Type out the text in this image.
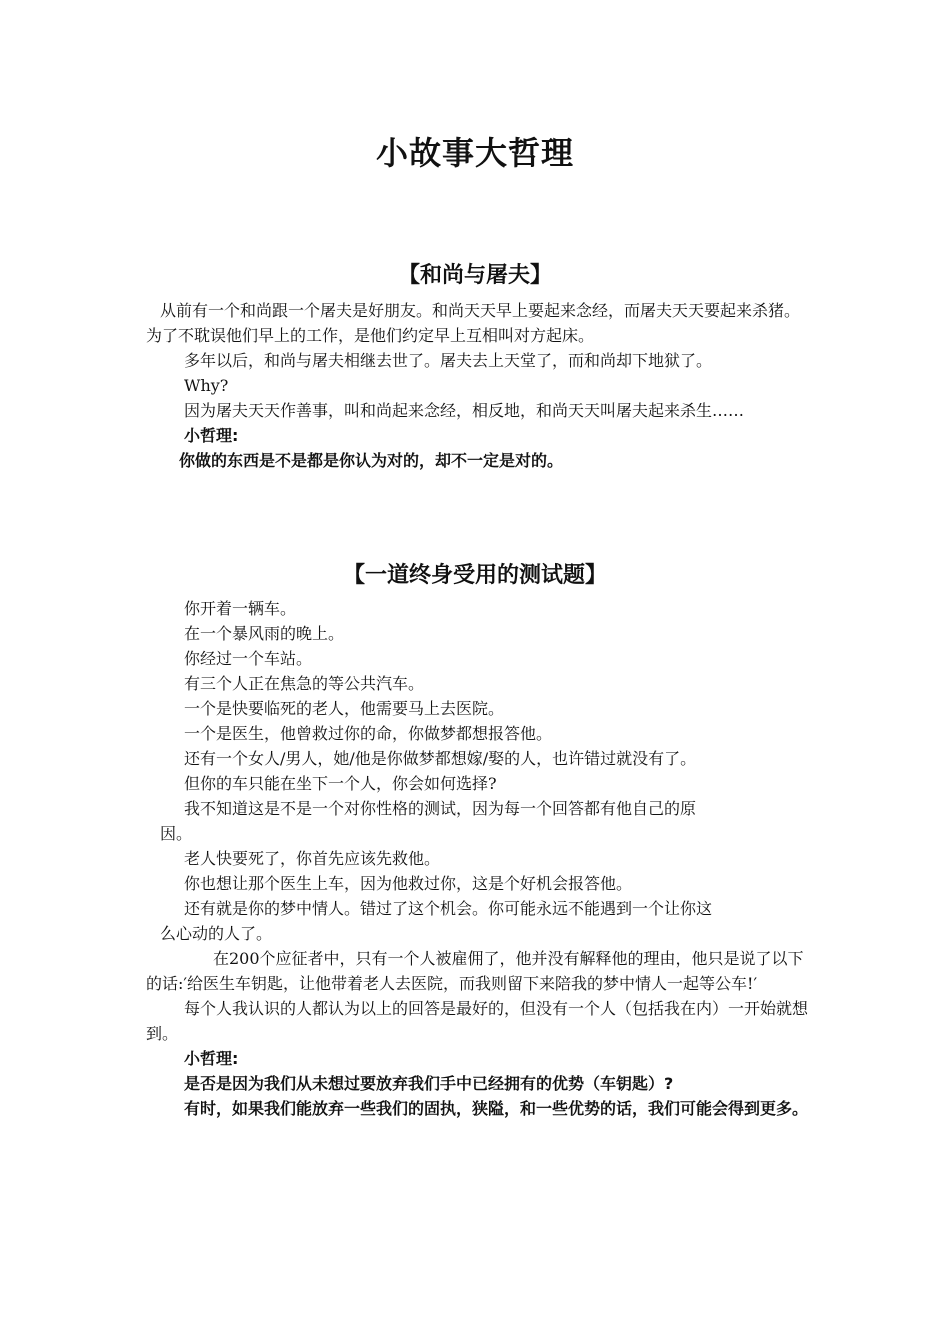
小故事大哲理
【和尚与屠夫】

从前有一个和尚跟一个屠夫是好朋友。和尚天天早上要起来念经，而屠夫天天要起来杀猪。为了不耽误他们早上的工作，是他们约定早上互相叫对方起床。

多年以后，和尚与屠夫相继去世了。屠夫去上天堂了，而和尚却下地狱了。

Why?

因为屠夫天天作善事，叫和尚起来念经，相反地，和尚天天叫屠夫起来杀生……

小哲理:

你做的东西是不是都是你认为对的，却不一定是对的。

【一道终身受用的测试题】

你开着一辆车。

在一个暴风雨的晚上。

你经过一个车站。

有三个人正在焦急的等公共汽车。

一个是快要临死的老人，他需要马上去医院。

一个是医生，他曾救过你的命，你做梦都想报答他。

还有一个女人/男人，她/他是你做梦都想嫁/娶的人，也许错过就没有了。

但你的车只能在坐下一个人，你会如何选择?

我不知道这是不是一个对你性格的测试，因为每一个回答都有他自己的原

因。

老人快要死了，你首先应该先救他。

你也想让那个医生上车，因为他救过你，这是个好机会报答他。

还有就是你的梦中情人。错过了这个机会。你可能永远不能遇到一个让你这

么心动的人了。

在200个应征者中，只有一个人被雇佣了，他并没有解释他的理由，他只是说了以下的话:′给医生车钥匙，让他带着老人去医院，而我则留下来陪我的梦中情人一起等公车!′

每个人我认识的人都认为以上的回答是最好的，但没有一个人（包括我在内）一开始就想到。

小哲理:

是否是因为我们从未想过要放弃我们手中已经拥有的优势（车钥匙）?

有时，如果我们能放弃一些我们的固执，狭隘，和一些优势的话，我们可能会得到更多。
